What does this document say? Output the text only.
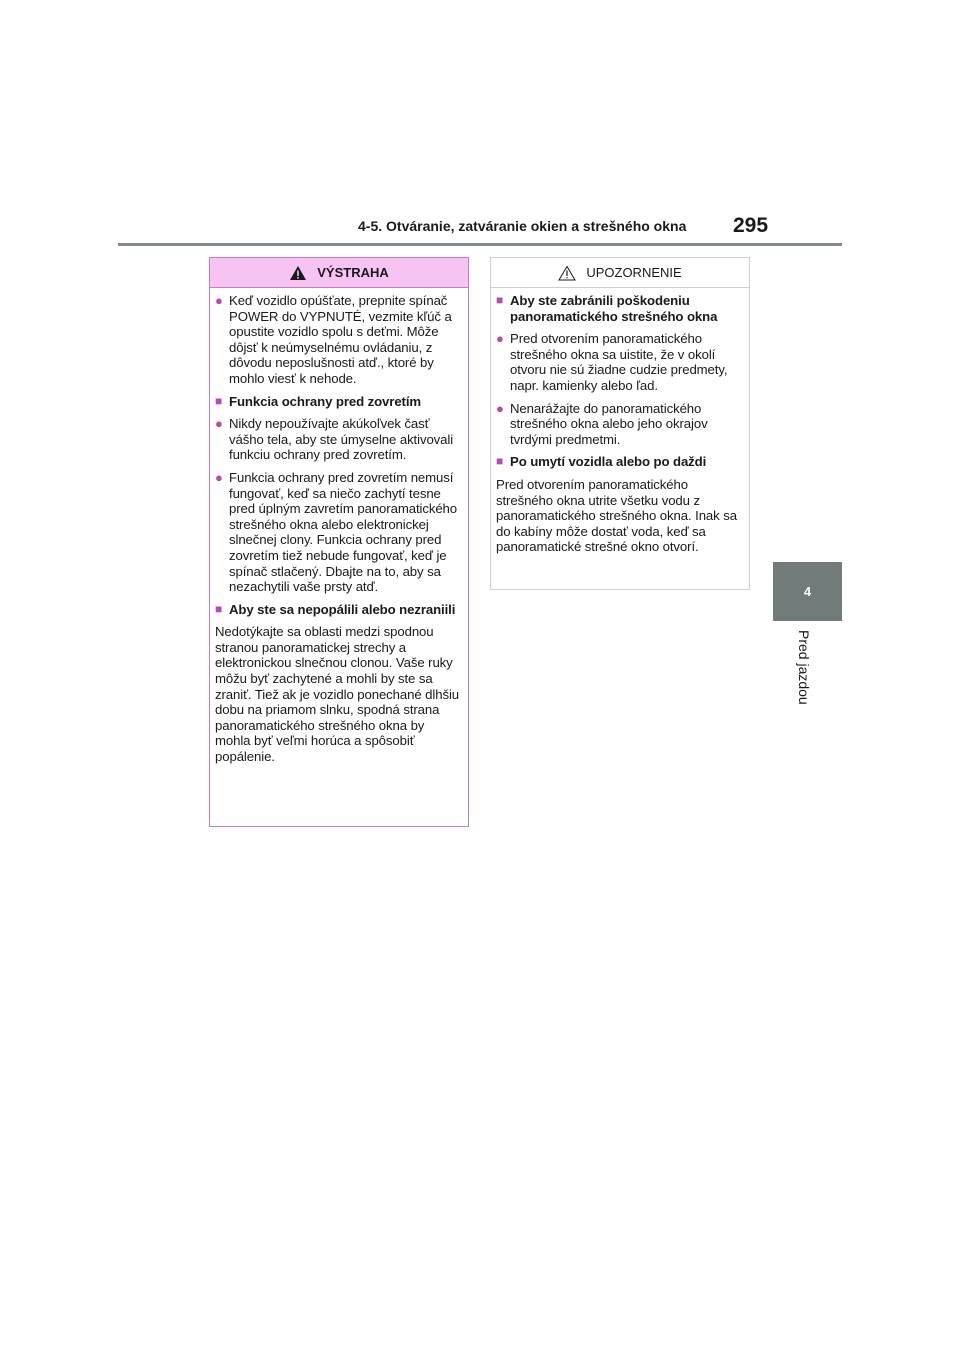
4-5. Otváranie, zatváranie okien a strešného okna 295
4
Pred jazdou
VÝSTRAHA
● Keď vozidlo opúšťate, prepnite spínač POWER do VYPNUTÉ, vezmite kľúč a opustite vozidlo spolu s deťmi. Môže dôjsť k neúmyselnému ovládaniu, z dôvodu neposlušnosti atď., ktoré by mohlo viesť k nehode.
■ Funkcia ochrany pred zovretím
● Nikdy nepoužívajte akúkoľvek časť vášho tela, aby ste úmyselne aktivovali funkciu ochrany pred zovretím.
● Funkcia ochrany pred zovretím nemusí fungovať, keď sa niečo zachytí tesne pred úplným zavretím panoramatického strešného okna alebo elektronickej slnečnej clony. Funkcia ochrany pred zovretím tiež nebude fungovať, keď je spínač stlačený. Dbajte na to, aby sa nezachytili vaše prsty atď.
■ Aby ste sa nepopálili alebo nezraniili
Nedotýkajte sa oblasti medzi spodnou stranou panoramatickej strechy a elektronickou slnečnou clonou. Vaše ruky môžu byť zachytené a mohli by ste sa zraniť. Tiež ak je vozidlo ponechané dlhšiu dobu na priamom slnku, spodná strana panoramatického strešného okna by mohla byť veľmi horúca a spôsobiť popálenie.
UPOZORNENIE
■ Aby ste zabránili poškodeniu panoramatického strešného okna
● Pred otvorením panoramatického strešného okna sa uistite, že v okolí otvoru nie sú žiadne cudzie predmety, napr. kamienky alebo ľad.
● Nenarážajte do panoramatického strešného okna alebo jeho okrajov tvrdými predmetmi.
■ Po umytí vozidla alebo po daždi
Pred otvorením panoramatického strešného okna utrite všetku vodu z panoramatického strešného okna. Inak sa do kabíny môže dostať voda, keď sa panoramatické strešné okno otvorí.
